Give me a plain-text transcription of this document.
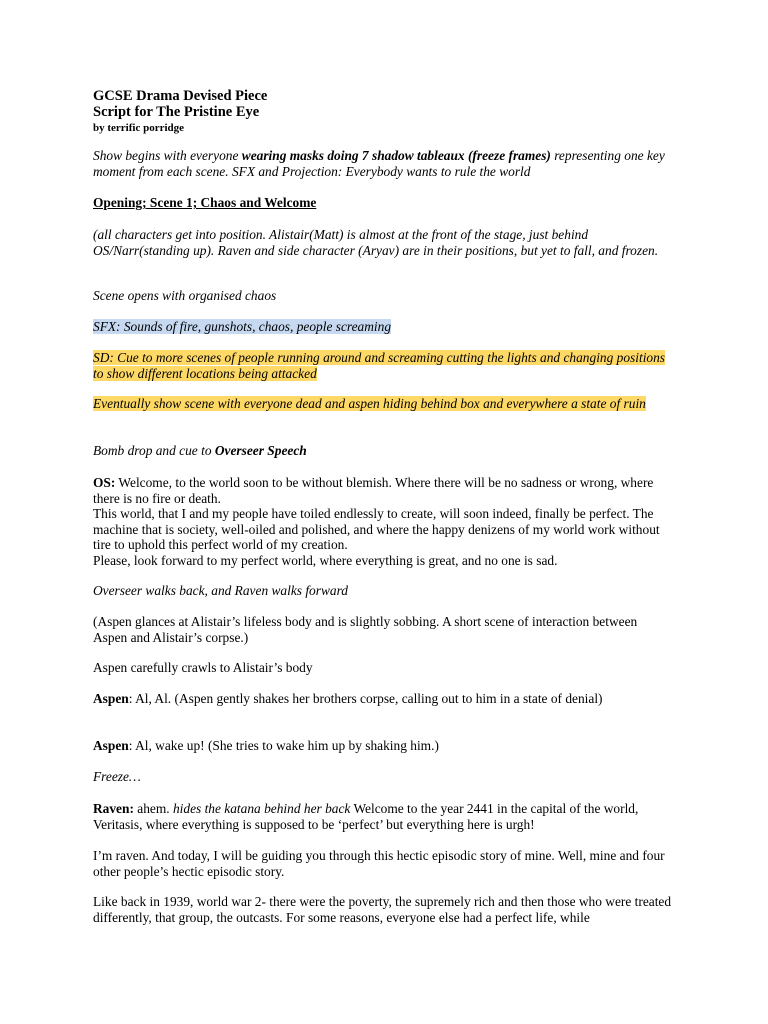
GCSE Drama Devised Piece
Script for The Pristine Eye
by terrific porridge
Show begins with everyone wearing masks doing 7 shadow tableaux (freeze frames) representing one key moment from each scene. SFX and Projection: Everybody wants to rule the world
Opening; Scene 1; Chaos and Welcome
(all characters get into position. Alistair(Matt) is almost at the front of the stage, just behind OS/Narr(standing up). Raven and side character (Aryav) are in their positions, but yet to fall, and frozen.
Scene opens with organised chaos
SFX: Sounds of fire, gunshots, chaos, people screaming
SD: Cue to more scenes of people running around and screaming cutting the lights and changing positions to show different locations being attacked
Eventually show scene with everyone dead and aspen hiding behind box and everywhere a state of ruin
Bomb drop and cue to Overseer Speech
OS: Welcome, to the world soon to be without blemish. Where there will be no sadness or wrong, where there is no fire or death.
This world, that I and my people have toiled endlessly to create, will soon indeed, finally be perfect. The machine that is society, well-oiled and polished, and where the happy denizens of my world work without tire to uphold this perfect world of my creation.
Please, look forward to my perfect world, where everything is great, and no one is sad.
Overseer walks back, and Raven walks forward
(Aspen glances at Alistair’s lifeless body and is slightly sobbing. A short scene of interaction between Aspen and Alistair’s corpse.)
Aspen carefully crawls to Alistair’s body
Aspen: Al, Al. (Aspen gently shakes her brothers corpse, calling out to him in a state of denial)
Aspen: Al, wake up! (She tries to wake him up by shaking him.)
Freeze…
Raven: ahem. hides the katana behind her back Welcome to the year 2441 in the capital of the world, Veritasis, where everything is supposed to be ‘perfect’ but everything here is urgh!
I’m raven. And today, I will be guiding you through this hectic episodic story of mine. Well, mine and four other people’s hectic episodic story.
Like back in 1939, world war 2- there were the poverty, the supremely rich and then those who were treated differently, that group, the outcasts. For some reasons, everyone else had a perfect life, while
